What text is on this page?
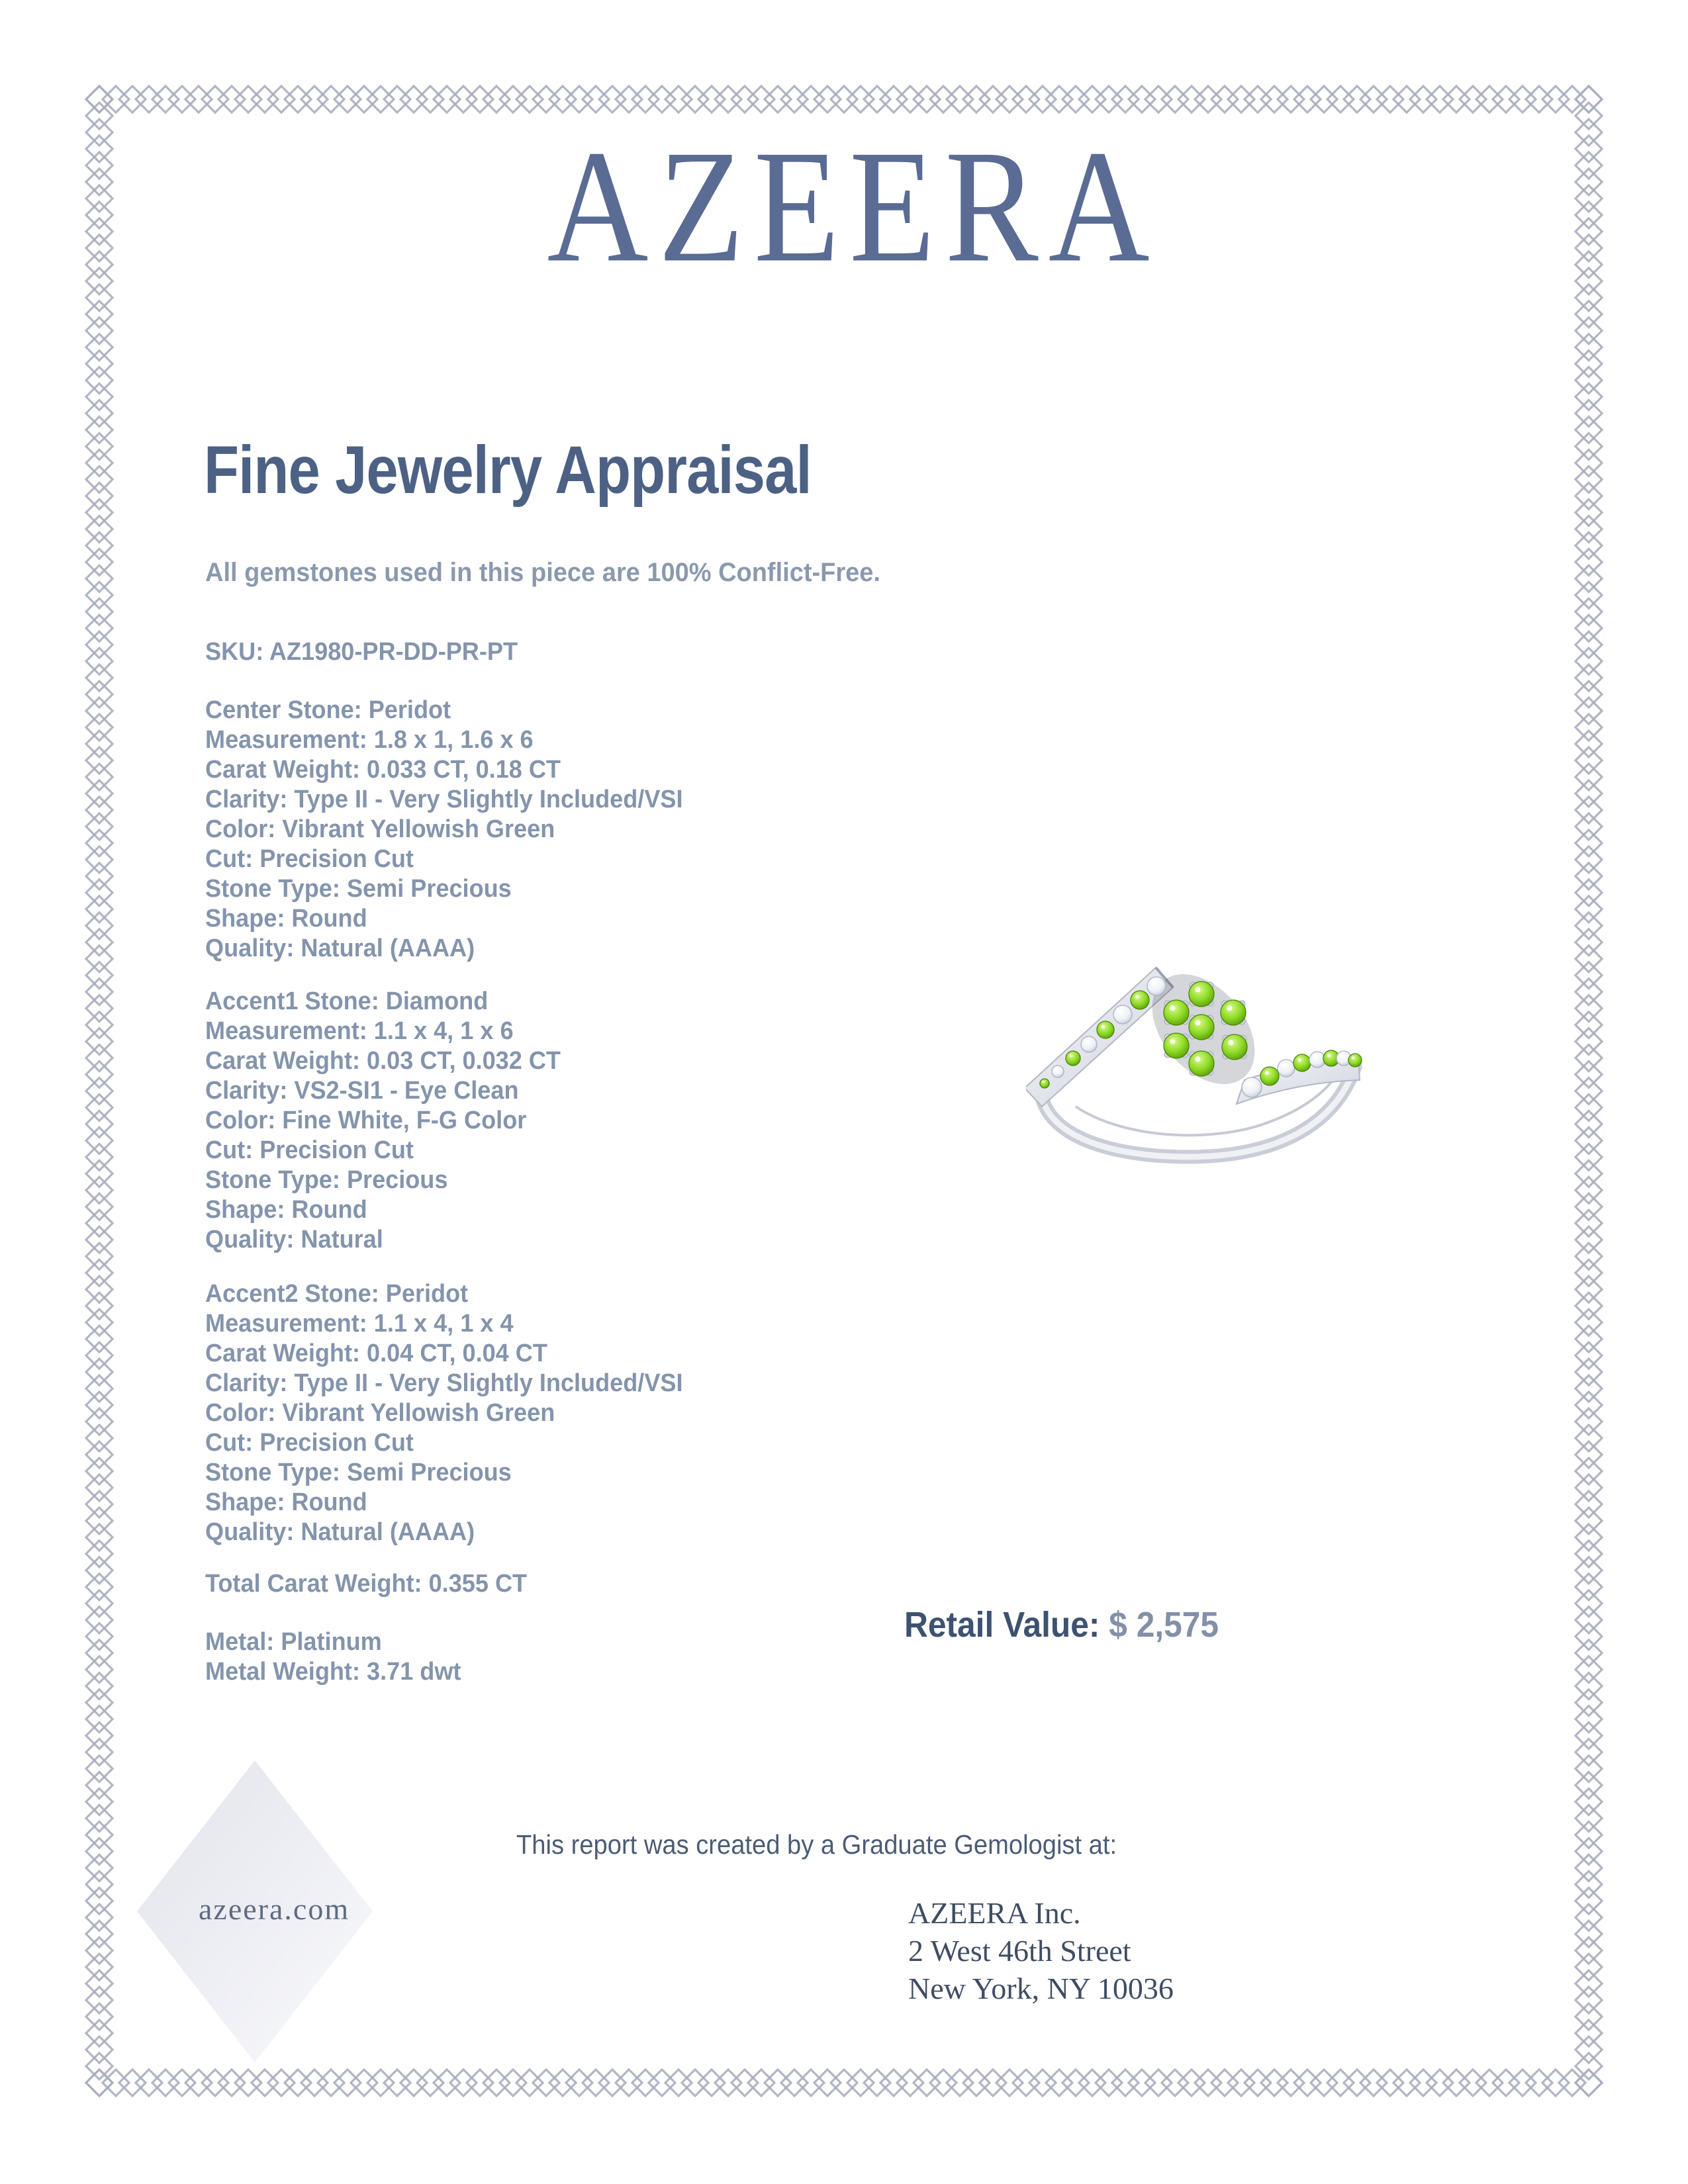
AZEERA
Fine Jewelry Appraisal
All gemstones used in this piece are 100% Conflict-Free.
SKU: AZ1980-PR-DD-PR-PT
Center Stone: Peridot
Measurement: 1.8 x 1, 1.6 x 6
Carat Weight: 0.033 CT, 0.18 CT
Clarity: Type II - Very Slightly Included/VSI
Color: Vibrant Yellowish Green
Cut: Precision Cut
Stone Type: Semi Precious
Shape: Round
Quality: Natural (AAAA)
Accent1 Stone: Diamond
Measurement: 1.1 x 4, 1 x 6
Carat Weight: 0.03 CT, 0.032 CT
Clarity: VS2-SI1 - Eye Clean
Color: Fine White, F-G Color
Cut: Precision Cut
Stone Type: Precious
Shape: Round
Quality: Natural
Accent2 Stone: Peridot
Measurement: 1.1 x 4, 1 x 4
Carat Weight: 0.04 CT, 0.04 CT
Clarity: Type II - Very Slightly Included/VSI
Color: Vibrant Yellowish Green
Cut: Precision Cut
Stone Type: Semi Precious
Shape: Round
Quality: Natural (AAAA)
Total Carat Weight: 0.355 CT
Metal: Platinum
Metal Weight: 3.71 dwt
Retail Value: $ 2,575
azeera.com
This report was created by a Graduate Gemologist at:
AZEERA Inc.
2 West 46th Street
New York, NY 10036
